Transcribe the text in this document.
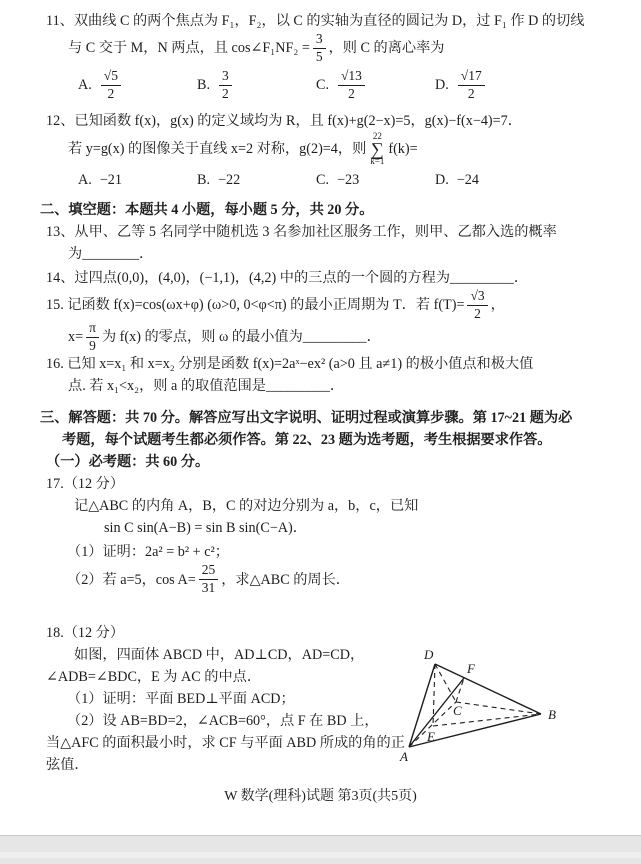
11、双曲线 C 的两个焦点为 F₁，F₂，以 C 的实轴为直径的圆记为 D，过 F₁ 作 D 的切线
与 C 交于 M，N 两点，且 cos∠F₁NF₂ = $\frac{3}{5}$ ，则 C 的离心率为
A. $\frac{√5}{2}$	B. $\frac{3}{2}$	C. $\frac{√13}{2}$	D. $\frac{√17}{2}$
12、已知函数 f(x)，g(x) 的定义域均为 R，且 f(x)+g(2−x)=5，g(x)−f(x−4)=7．
若 y=g(x) 的图像关于直线 x=2 对称，g(2)=4，则
22
∑
k=1
f(k)=
A. −21	B. −22	C. −23	D. −24
二、填空题：本题共 4 小题，每小题 5 分，共 20 分。
13、从甲、乙等 5 名同学中随机选 3 名参加社区服务工作，则甲、乙都入选的概率
为________．
14、过四点(0,0)，(4,0)，(−1,1)，(4,2) 中的三点的一个圆的方程为_________．
15. 记函数 f(x)=cos(ωx+φ) (ω>0, 0<φ<π) 的最小正周期为 T．若 $f(T)= \frac{√3}{2}$ ，
$x= \frac{\pi}{9}$ 为 f(x) 的零点，则 ω 的最小值为_________．
16. 已知 x=x₁ 和 x=x₂ 分别是函数 f(x)=2aˣ−ex² (a>0 且 a≠1) 的极小值点和极大值
点. 若 x₁<x₂，则 a 的取值范围是_________．
三、解答题：共 70 分。解答应写出文字说明、证明过程或演算步骤。第 17~21 题为必
考题，每个试题考生都必须作答。第 22、23 题为选考题，考生根据要求作答。
（一）必考题：共 60 分。
17.（12 分）
记△ABC 的内角 A，B，C 的对边分别为 a，b，c，已知
sin C sin(A−B) = sin B sin(C−A)．
（1）证明：2a² = b² + c²；
（2）若 a=5，$\cos A= \frac{25}{31}$ ，求△ABC 的周长．
18.（12 分）
如图，四面体 ABCD 中，AD⊥CD，AD=CD，
∠ADB=∠BDC，E 为 AC 的中点．
（1）证明：平面 BED⊥平面 ACD；
（2）设 AB=BD=2，∠ACB=60°，点 F 在 BD 上，
当△AFC 的面积最小时，求 CF 与平面 ABD 所成的角的正
弦值．
W 数学(理科)试题 第3页(共5页)
D
F
B
C
E
A
